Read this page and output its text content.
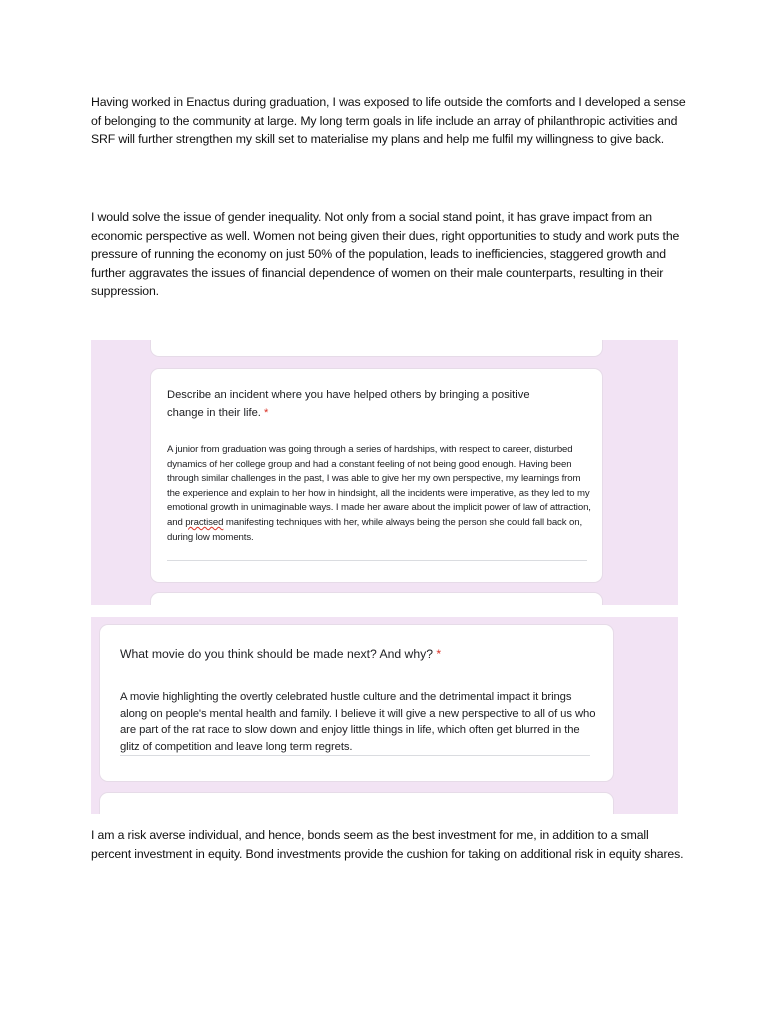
Having worked in Enactus during graduation, I was exposed to life outside the comforts and I developed a sense of belonging to the community at large. My long term goals in life include an array of philanthropic activities and SRF will further strengthen my skill set to materialise my plans and help me fulfil my willingness to give back.

I would solve the issue of gender inequality. Not only from a social stand point, it has grave impact from an economic perspective as well. Women not being given their dues, right opportunities to study and work puts the pressure of running the economy on just 50% of the population, leads to inefficiencies, staggered growth and further aggravates the issues of financial dependence of women on their male counterparts, resulting in their suppression.

Describe an incident where you have helped others by bringing a positive change in their life. *

A junior from graduation was going through a series of hardships, with respect to career, disturbed dynamics of her college group and had a constant feeling of not being good enough. Having been through similar challenges in the past, I was able to give her my own perspective, my learnings from the experience and explain to her how in hindsight, all the incidents were imperative, as they led to my emotional growth in unimaginable ways. I made her aware about the implicit power of law of attraction, and practised manifesting techniques with her, while always being the person she could fall back on, during low moments.

What movie do you think should be made next? And why? *

A movie highlighting the overtly celebrated hustle culture and the detrimental impact it brings along on people's mental health and family. I believe it will give a new perspective to all of us who are part of the rat race to slow down and enjoy little things in life, which often get blurred in the glitz of competition and leave long term regrets.

I am a risk averse individual, and hence, bonds seem as the best investment for me, in addition to a small percent investment in equity. Bond investments provide the cushion for taking on additional risk in equity shares.
